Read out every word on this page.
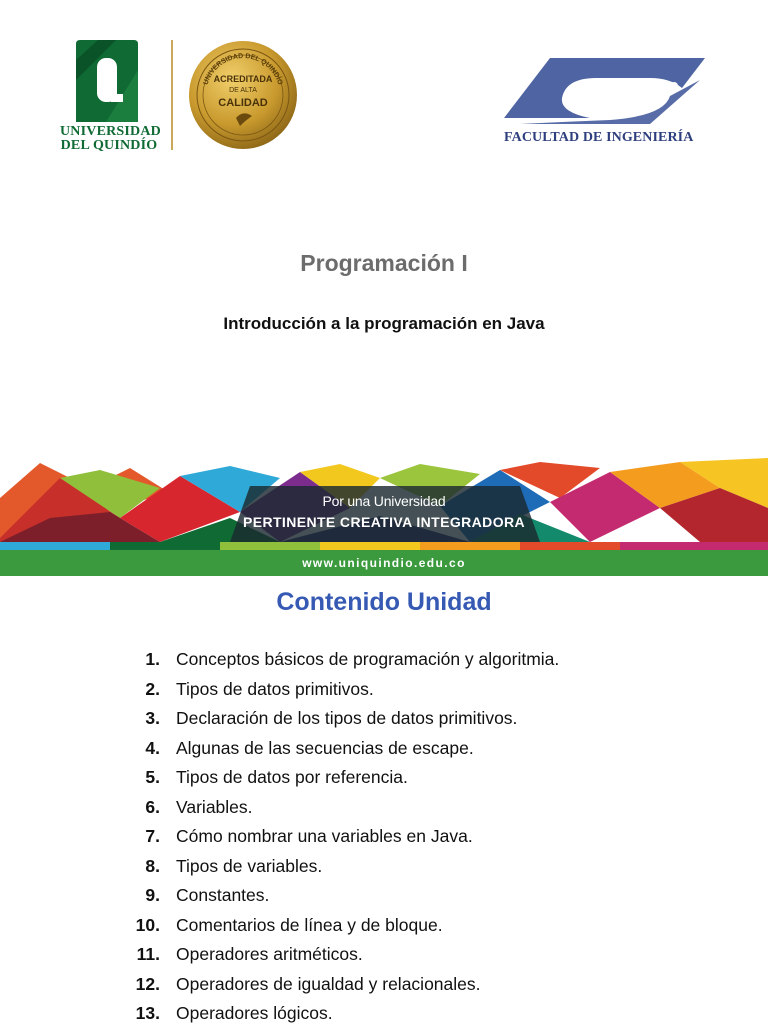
UNIVERSIDAD
DEL QUINDÍO
UNIVERSIDAD DEL QUINDÍO
ACREDITADA
DE ALTA
CALIDAD
FACULTAD DE INGENIERÍA
Programación I
Introducción a la programación en Java
Por una Universidad
PERTINENTE CREATIVA INTEGRADORA
www.uniquindio.edu.co
Contenido Unidad
1. Conceptos básicos de programación y algoritmia.
2. Tipos de datos primitivos.
3. Declaración de los tipos de datos primitivos.
4. Algunas de las secuencias de escape.
5. Tipos de datos por referencia.
6. Variables.
7. Cómo nombrar una variables en Java.
8. Tipos de variables.
9. Constantes.
10. Comentarios de línea y de bloque.
11. Operadores aritméticos.
12. Operadores de igualdad y relacionales.
13. Operadores lógicos.
